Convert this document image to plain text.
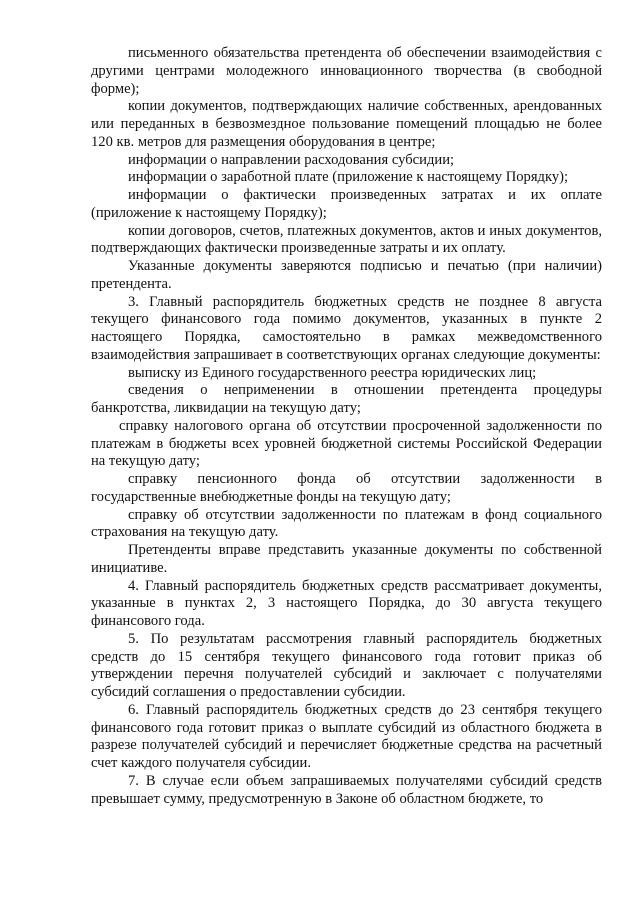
письменного обязательства претендента об обеспечении взаимодействия с другими центрами молодежного инновационного творчества (в свободной форме);

копии документов, подтверждающих наличие собственных, арендованных или переданных в безвозмездное пользование помещений площадью не более 120 кв. метров для размещения оборудования в центре;

информации о направлении расходования субсидии;

информации о заработной плате (приложение к настоящему Порядку);

информации о фактически произведенных затратах и их оплате (приложение к настоящему Порядку);

копии договоров, счетов, платежных документов, актов и иных документов, подтверждающих фактически произведенные затраты и их оплату.

Указанные документы заверяются подписью и печатью (при наличии) претендента.

3. Главный распорядитель бюджетных средств не позднее 8 августа текущего финансового года помимо документов, указанных в пункте 2 настоящего Порядка, самостоятельно в рамках межведомственного взаимодействия запрашивает в соответствующих органах следующие документы:

выписку из Единого государственного реестра юридических лиц;

сведения о неприменении в отношении претендента процедуры банкротства, ликвидации на текущую дату;

справку налогового органа об отсутствии просроченной задолженности по платежам в бюджеты всех уровней бюджетной системы Российской Федерации на текущую дату;

справку пенсионного фонда об отсутствии задолженности в государственные внебюджетные фонды на текущую дату;

справку об отсутствии задолженности по платежам в фонд социального страхования на текущую дату.

Претенденты вправе представить указанные документы по собственной инициативе.

4. Главный распорядитель бюджетных средств рассматривает документы, указанные в пунктах 2, 3 настоящего Порядка, до 30 августа текущего финансового года.

5. По результатам рассмотрения главный распорядитель бюджетных средств до 15 сентября текущего финансового года готовит приказ об утверждении перечня получателей субсидий и заключает с получателями субсидий соглашения о предоставлении субсидии.

6. Главный распорядитель бюджетных средств до 23 сентября текущего финансового года готовит приказ о выплате субсидий из областного бюджета в разрезе получателей субсидий и перечисляет бюджетные средства на расчетный счет каждого получателя субсидии.

7. В случае если объем запрашиваемых получателями субсидий средств превышает сумму, предусмотренную в Законе об областном бюджете, то
